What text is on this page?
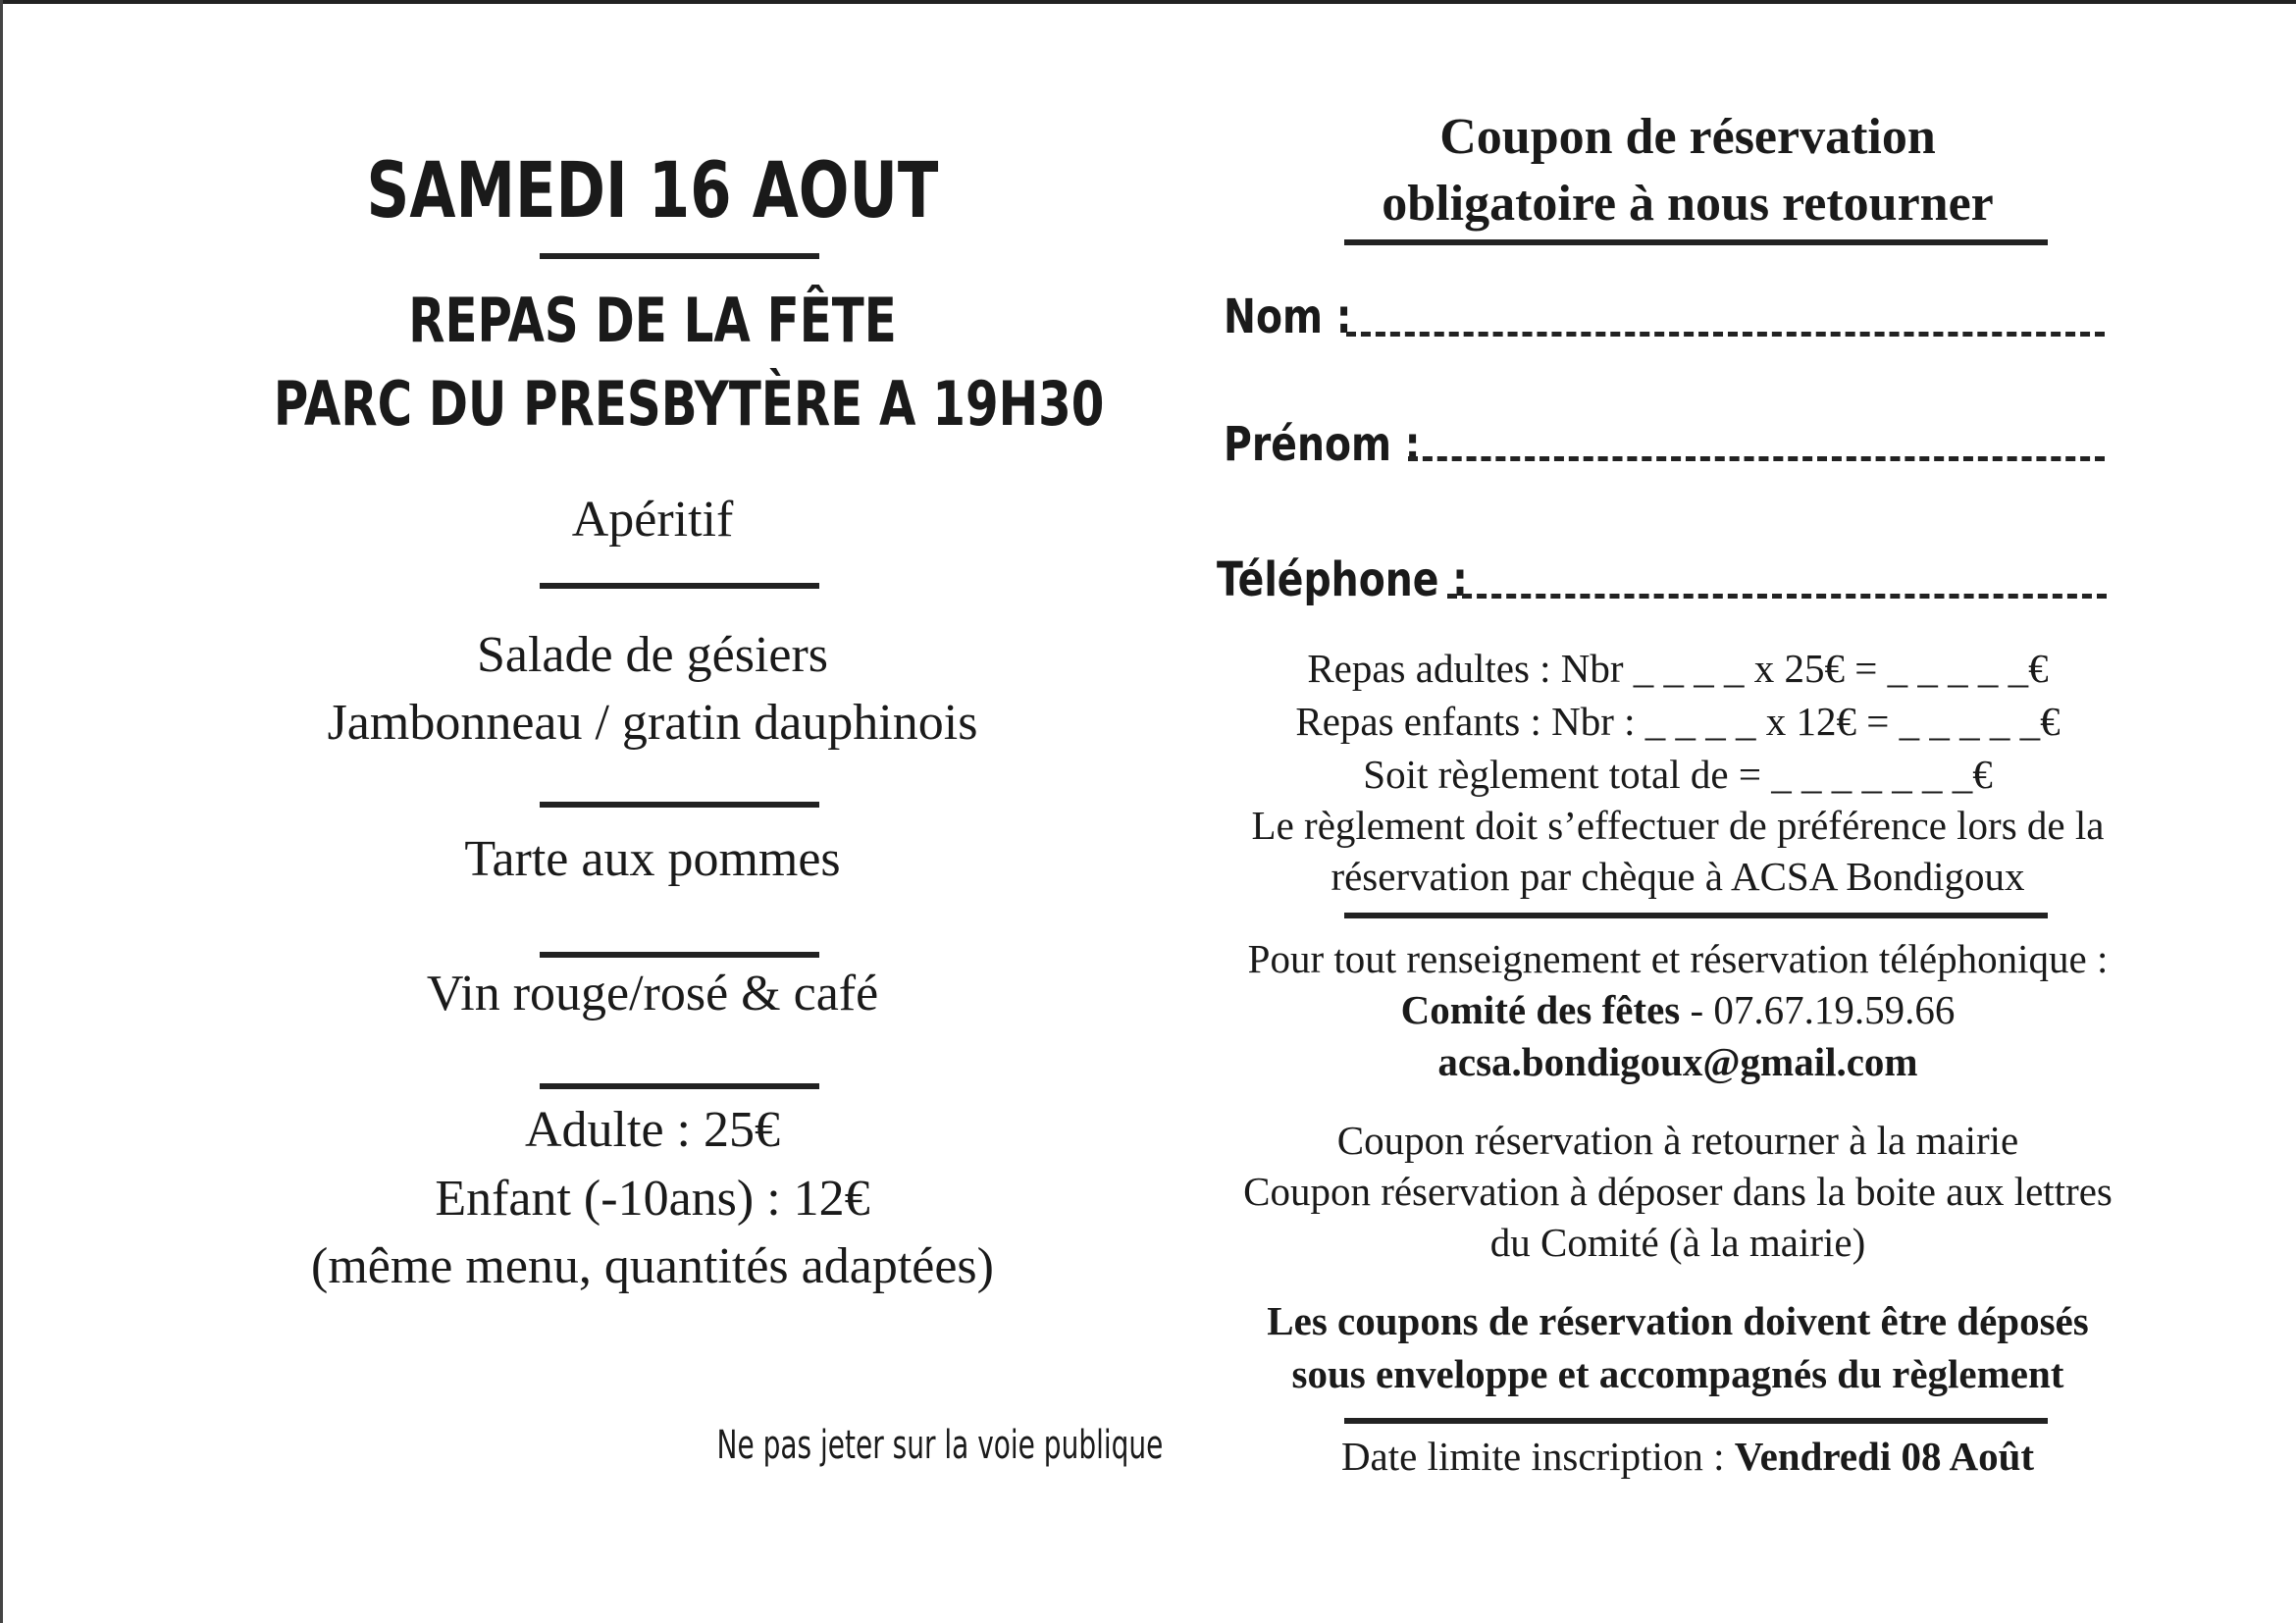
SAMEDI 16 AOUT
REPAS DE LA FÊTE
PARC DU PRESBYTÈRE A 19H30
Apéritif
Salade de gésiers
Jambonneau / gratin dauphinois
Tarte aux pommes
Vin rouge/rosé & café
Adulte : 25€
Enfant (-10ans) : 12€
(même menu, quantités adaptées)
Ne pas jeter sur la voie publique
Coupon de réservation
obligatoire à nous retourner
Nom :
Prénom :
Téléphone :
Repas adultes : Nbr _ _ _ _ x 25€ = _ _ _ _ _€
Repas enfants : Nbr : _ _ _ _ x 12€ = _ _ _ _ _€
Soit règlement total de = _ _ _ _ _ _ _€
Le règlement doit s’effectuer de préférence lors de la
réservation par chèque à ACSA Bondigoux
Pour tout renseignement et réservation téléphonique :
Comité des fêtes - 07.67.19.59.66
acsa.bondigoux@gmail.com
Coupon réservation à retourner à la mairie
Coupon réservation à déposer dans la boite aux lettres
du Comité (à la mairie)
Les coupons de réservation doivent être déposés
sous enveloppe et accompagnés du règlement
Date limite inscription : Vendredi 08 Août
